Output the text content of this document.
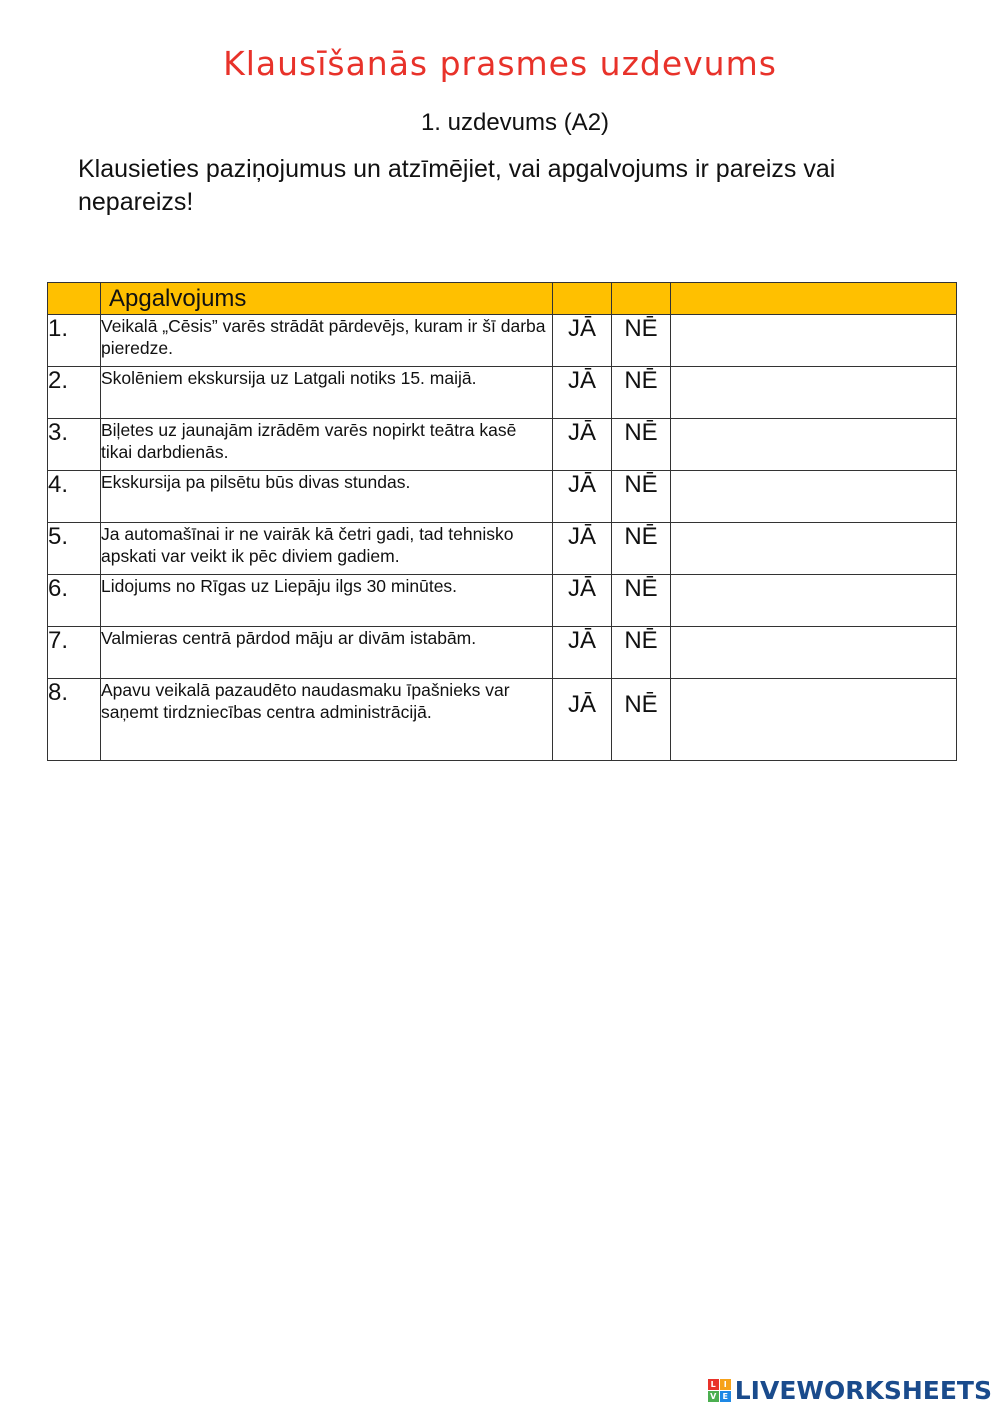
Klausīšanās prasmes uzdevums
1. uzdevums (A2)
Klausieties paziņojumus un atzīmējiet, vai apgalvojums ir pareizs vai nepareizs!
	Apgalvojums			
1.	Veikalā „Cēsis” varēs strādāt pārdevējs, kuram ir šī darba pieredze.	JĀ	NĒ	
2.	Skolēniem ekskursija uz Latgali notiks 15. maijā.	JĀ	NĒ	
3.	Biļetes uz jaunajām izrādēm varēs nopirkt teātra kasē tikai darbdienās.	JĀ	NĒ	
4.	Ekskursija pa pilsētu būs divas stundas.	JĀ	NĒ	
5.	Ja automašīnai ir ne vairāk kā četri gadi, tad tehnisko apskati var veikt ik pēc diviem gadiem.	JĀ	NĒ	
6.	Lidojums no Rīgas uz Liepāju ilgs 30 minūtes.	JĀ	NĒ	
7.	Valmieras centrā pārdod māju ar divām istabām.	JĀ	NĒ	
8.	Apavu veikalā pazaudēto naudasmaku īpašnieks var saņemt tirdzniecības centra administrācijā.	JĀ	NĒ	
L I
V E LIVEWORKSHEETS
